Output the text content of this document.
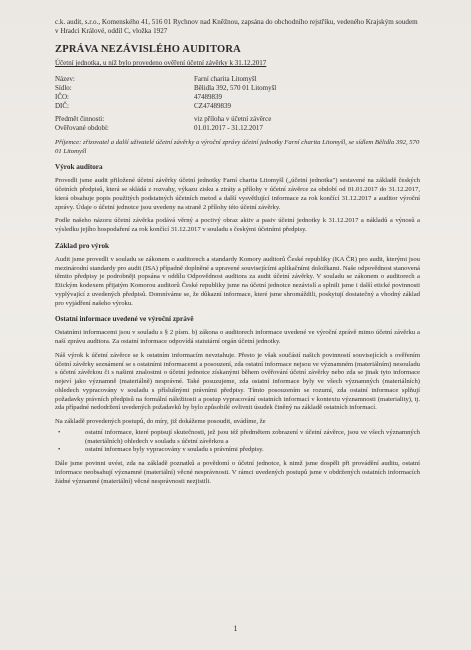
c.k. audit, s.r.o., Komenského 41, 516 01 Rychnov nad Kněžnou, zapsána do obchodního rejstříku, vedeného Krajským soudem v Hradci Králové, oddíl C, vložka 1927
ZPRÁVA NEZÁVISLÉHO AUDITORA
Účetní jednotka, u níž bylo provedeno ověření účetní závěrky k 31.12.2017
Název:	Farní charita Litomyšl
Sídlo:	Bělidla 392, 570 01 Litomyšl
IČO:	47489839
DIČ:	CZ47489839
Předmět činnosti:	viz příloha v účetní závěrce
Ověřované období:	01.01.2017 - 31.12.2017
Příjemce: zřizovatel a další uživatelé účetní závěrky a výroční zprávy účetní jednotky Farní charita Litomyšl, se sídlem Bělidla 392, 570 01 Litomyšl
Výrok auditora

Provedli jsme audit přiložené účetní závěrky účetní jednotky Farní charita Litomyšl („účetní jednotka") sestavené na základě českých účetních předpisů, která se skládá z rozvahy, výkazu zisku a ztráty a přílohy v účetní závěrce za období od 01.01.2017 do 31.12.2017, která obsahuje popis použitých podstatných účetních metod a další vysvětlující informace za rok končící 31.12.2017 a auditor výroční zprávy. Údaje o účetní jednotce jsou uvedeny na straně 2 přílohy této účetní závěrky.

Podle našeho názoru účetní závěrka podává věrný a poctivý obraz aktiv a pasiv účetní jednotky k 31.12.2017 a nákladů a výnosů a výsledku jejího hospodaření za rok končící 31.12.2017 v souladu s českými účetními předpisy.

Základ pro výrok

Audit jsme provedli v souladu se zákonem o auditorech a standardy Komory auditorů České republiky (KA ČR) pro audit, kterými jsou mezinárodní standardy pro audit (ISA) případně doplněné a upravené souvisejícími aplikačními doložkami. Naše odpovědnost stanovená těmito předpisy je podrobněji popsána v oddílu Odpovědnost auditora za audit účetní závěrky. V souladu se zákonem o auditorech a Etickým kodexem přijatým Komorou auditorů České republiky jsme na účetní jednotce nezávislí a splnili jsme i další etické povinnosti vyplývající z uvedených předpisů. Domníváme se, že důkazní informace, které jsme shromáždili, poskytují dostatečný a vhodný základ pro vyjádření našeho výroku.

Ostatní informace uvedené ve výroční zprávě

Ostatními informacemi jsou v souladu s § 2 písm. b) zákona o auditorech informace uvedené ve výroční zprávě mimo účetní závěrku a naší zprávu auditora. Za ostatní informace odpovídá statutární orgán účetní jednotky.

Náš výrok k účetní závěrce se k ostatním informacím nevztahuje. Přesto je však součástí našich povinností souvisejících s ověřením účetní závěrky seznámení se s ostatními informacemi a posouzení, zda ostatní informace nejsou ve významném (materiálním) nesouladu s účetní závěrkou či s našimi znalostmi o účetní jednotce získanými během ověřování účetní závěrky nebo zda se jinak tyto informace nejeví jako významně (materiálně) nesprávné. Také posuzujeme, zda ostatní informace byly ve všech významných (materiálních) ohledech vypracovány v souladu s příslušnými právními předpisy. Tímto posouzením se rozumí, zda ostatní informace splňují požadavky právních předpisů na formální náležitosti a postup vypracování ostatních informací v kontextu významnosti (materiality), tj. zda případné nedodržení uvedených požadavků by bylo způsobilé ovlivnit úsudek činěný na základě ostatních informací.

Na základě provedených postupů, do míry, již dokážeme posoudit, uvádíme, že

•	ostatní informace, které popisují skutečnosti, jež jsou též předmětem zobrazení v účetní závěrce, jsou ve všech významných (materiálních) ohledech v souladu s účetní závěrkou a
•	ostatní informace byly vypracovány v souladu s právními předpisy.

Dále jsme povinni uvést, zda na základě poznatků a povědomí o účetní jednotce, k nimž jsme dospěli při provádění auditu, ostatní informace neobsahují významné (materiální) věcné nesprávnosti. V rámci uvedených postupů jsme v obdržených ostatních informacích žádné významné (materiální) věcné nesprávnosti nezjistili.

1
